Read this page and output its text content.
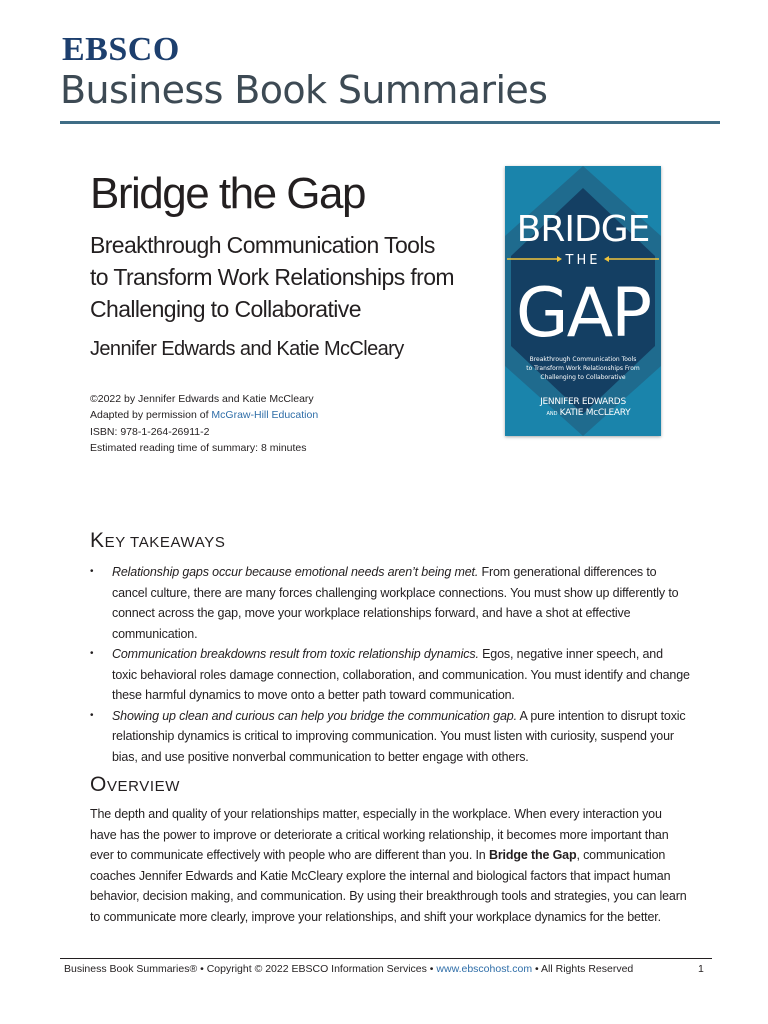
EBSCO
Business Book Summaries
Bridge the Gap
Breakthrough Communication Tools
to Transform Work Relationships from
Challenging to Collaborative
Jennifer Edwards and Katie McCleary
©2022 by Jennifer Edwards and Katie McCleary
Adapted by permission of McGraw-Hill Education
ISBN: 978-1-264-26911-2
Estimated reading time of summary: 8 minutes
BRIDGE
THE
GAP
Breakthrough Communication Tools
to Transform Work Relationships From
Challenging to Collaborative
JENNIFER EDWARDS
AND KATIE McCLEARY
KEY TAKEAWAYS
• Relationship gaps occur because emotional needs aren’t being met. From generational differences to cancel culture, there are many forces challenging workplace connections. You must show up differently to connect across the gap, move your workplace relationships forward, and have a shot at effective communication.
• Communication breakdowns result from toxic relationship dynamics. Egos, negative inner speech, and toxic behavioral roles damage connection, collaboration, and communication. You must identify and change these harmful dynamics to move onto a better path toward communication.
• Showing up clean and curious can help you bridge the communication gap. A pure intention to disrupt toxic relationship dynamics is critical to improving communication. You must listen with curiosity, suspend your bias, and use positive nonverbal communication to better engage with others.
OVERVIEW

The depth and quality of your relationships matter, especially in the workplace. When every interaction you have has the power to improve or deteriorate a critical working relationship, it becomes more important than ever to communicate effectively with people who are different than you. In Bridge the Gap, communication coaches Jennifer Edwards and Katie McCleary explore the internal and biological factors that impact human behavior, decision making, and communication. By using their breakthrough tools and strategies, you can learn to communicate more clearly, improve your relationships, and shift your workplace dynamics for the better.

Business Book Summaries® • Copyright © 2022 EBSCO Information Services • www.ebscohost.com • All Rights Reserved	1
